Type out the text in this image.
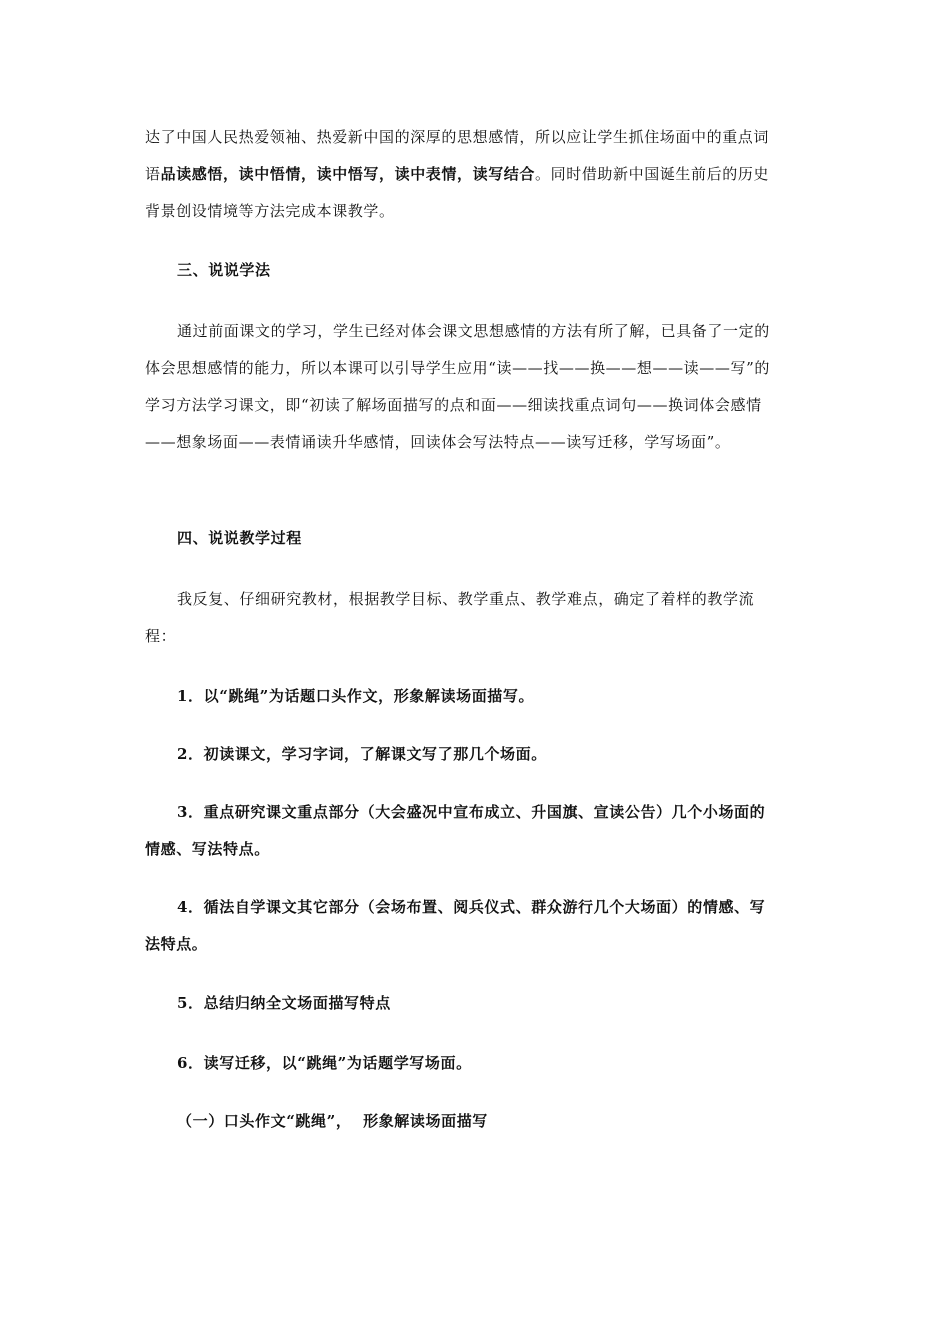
达了中国人民热爱领袖、热爱新中国的深厚的思想感情，所以应让学生抓住场面中的重点词语品读感悟，读中悟情，读中悟写，读中表情，读写结合。同时借助新中国诞生前后的历史背景创设情境等方法完成本课教学。

三、说说学法

通过前面课文的学习，学生已经对体会课文思想感情的方法有所了解，已具备了一定的体会思想感情的能力，所以本课可以引导学生应用“读——找——换——想——读——写”的学习方法学习课文，即“初读了解场面描写的点和面——细读找重点词句——换词体会感情——想象场面——表情诵读升华感情，回读体会写法特点——读写迁移，学写场面”。

四、说说教学过程

我反复、仔细研究教材，根据教学目标、教学重点、教学难点，确定了着样的教学流程：

1．以“跳绳”为话题口头作文，形象解读场面描写。

2．初读课文，学习字词，了解课文写了那几个场面。

3．重点研究课文重点部分（大会盛况中宣布成立、升国旗、宣读公告）几个小场面的情感、写法特点。

4．循法自学课文其它部分（会场布置、阅兵仪式、群众游行几个大场面）的情感、写法特点。

5．总结归纳全文场面描写特点

6．读写迁移，以“跳绳”为话题学写场面。

（一）口头作文“跳绳”，  形象解读场面描写
